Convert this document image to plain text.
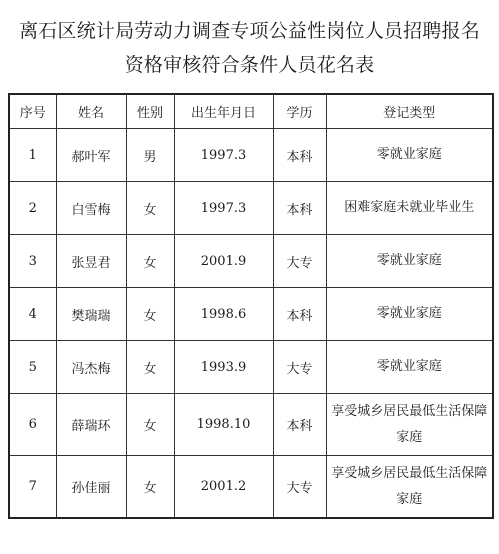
离石区统计局劳动力调查专项公益性岗位人员招聘报名
资格审核符合条件人员花名表
序号	姓名	性别	出生年月日	学历	登记类型
1	郝叶军	男	1997.3	本科	零就业家庭
2	白雪梅	女	1997.3	本科	困难家庭未就业毕业生
3	张昱君	女	2001.9	大专	零就业家庭
4	樊瑞瑞	女	1998.6	本科	零就业家庭
5	冯杰梅	女	1993.9	大专	零就业家庭
6	薛瑞环	女	1998.10	本科	享受城乡居民最低生活保障家庭
7	孙佳丽	女	2001.2	大专	享受城乡居民最低生活保障家庭
